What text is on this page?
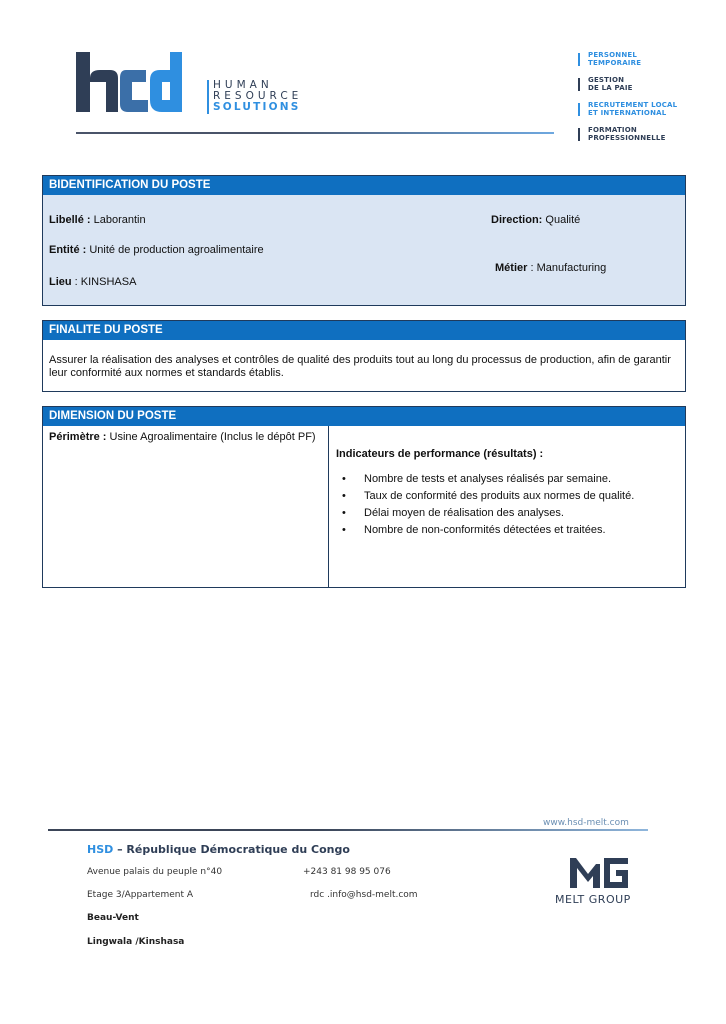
HUMAN
RESOURCE
SOLUTIONS
PERSONNEL
TEMPORAIRE
GESTION
DE LA PAIE
RECRUTEMENT LOCAL
ET INTERNATIONAL
FORMATION
PROFESSIONNELLE
BIDENTIFICATION DU POSTE
Libellé : Laborantin	Direction: Qualité
Entité : Unité de production agroalimentaire
Métier : Manufacturing
Lieu : KINSHASA
FINALITE DU POSTE
Assurer la réalisation des analyses et contrôles de qualité des produits tout au long du processus de production, afin de garantir leur conformité aux normes et standards établis.
DIMENSION DU POSTE
Périmètre : Usine Agroalimentaire (Inclus le dépôt PF)
Indicateurs de performance (résultats) :
• Nombre de tests et analyses réalisés par semaine.
• Taux de conformité des produits aux normes de qualité.
• Délai moyen de réalisation des analyses.
• Nombre de non-conformités détectées et traitées.
www.hsd-melt.com
HSD – République Démocratique du Congo
Avenue palais du peuple n°40	+243 81 98 95 076
Etage 3/Appartement A	rdc .info@hsd-melt.com
Beau-Vent
Lingwala /Kinshasa
MELT GROUP
